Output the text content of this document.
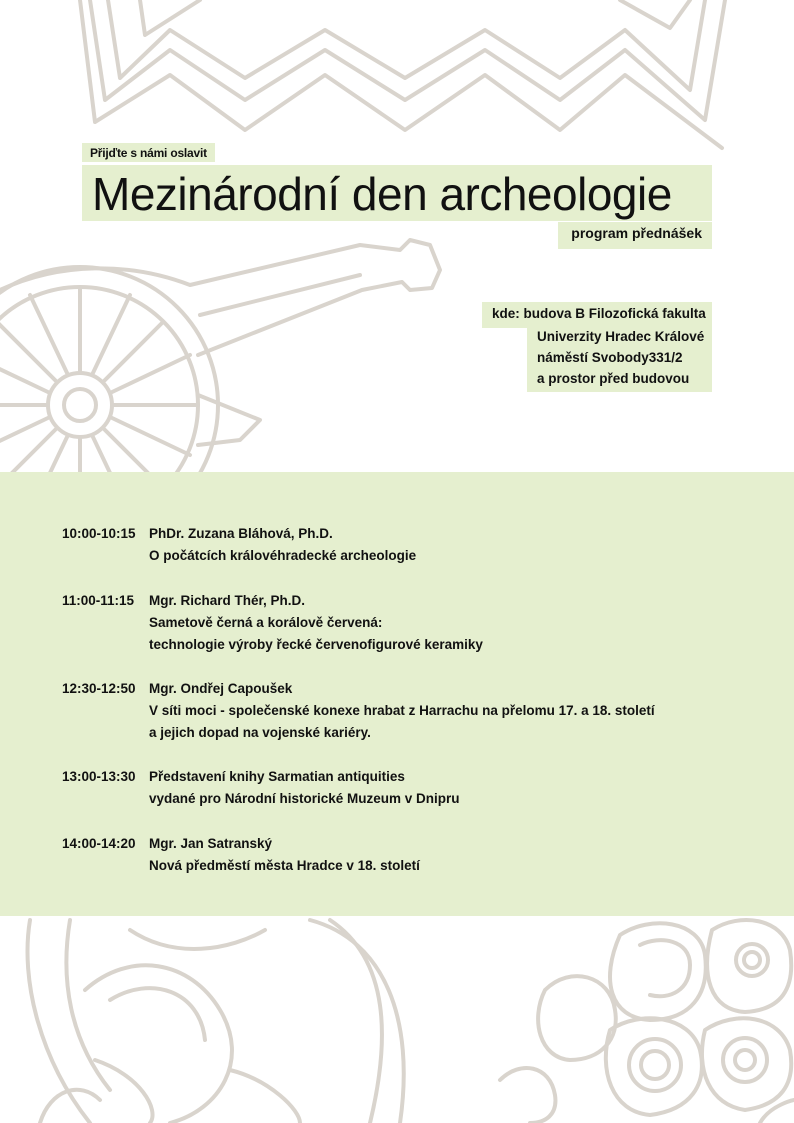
Přijďte s námi oslavit
Mezinárodní den archeologie
program přednášek
kde: budova B Filozofická fakulta
Univerzity Hradec Králové
náměstí Svobody331/2
a prostor před budovou
10:00-10:15 PhDr. Zuzana Bláhová, Ph.D.
O počátcích královéhradecké archeologie
11:00-11:15 Mgr. Richard Thér, Ph.D.
Sametově černá a korálově červená:
technologie výroby řecké červenofigurové keramiky
12:30-12:50 Mgr. Ondřej Capoušek
V síti moci - společenské konexe hrabat z Harrachu na přelomu 17. a 18. století
a jejich dopad na vojenské kariéry.
13:00-13:30 Představení knihy Sarmatian antiquities
vydané pro Národní historické Muzeum v Dnipru
14:00-14:20 Mgr. Jan Satranský
Nová předměstí města Hradce v 18. století
